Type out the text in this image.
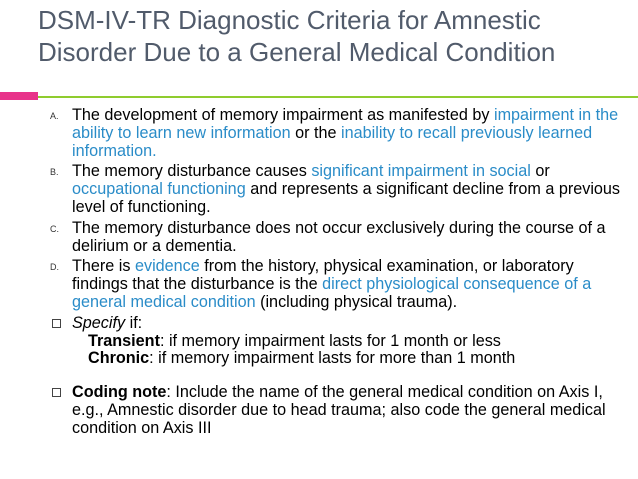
DSM-IV-TR Diagnostic Criteria for Amnestic Disorder Due to a General Medical Condition
A. The development of memory impairment as manifested by impairment in the ability to learn new information or the inability to recall previously learned information.
B. The memory disturbance causes significant impairment in social or occupational functioning and represents a significant decline from a previous level of functioning.
C. The memory disturbance does not occur exclusively during the course of a delirium or a dementia.
D. There is evidence from the history, physical examination, or laboratory findings that the disturbance is the direct physiological consequence of a general medical condition (including physical trauma).
Specify if:
Transient: if memory impairment lasts for 1 month or less
Chronic: if memory impairment lasts for more than 1 month
Coding note: Include the name of the general medical condition on Axis I, e.g., Amnestic disorder due to head trauma; also code the general medical condition on Axis III
